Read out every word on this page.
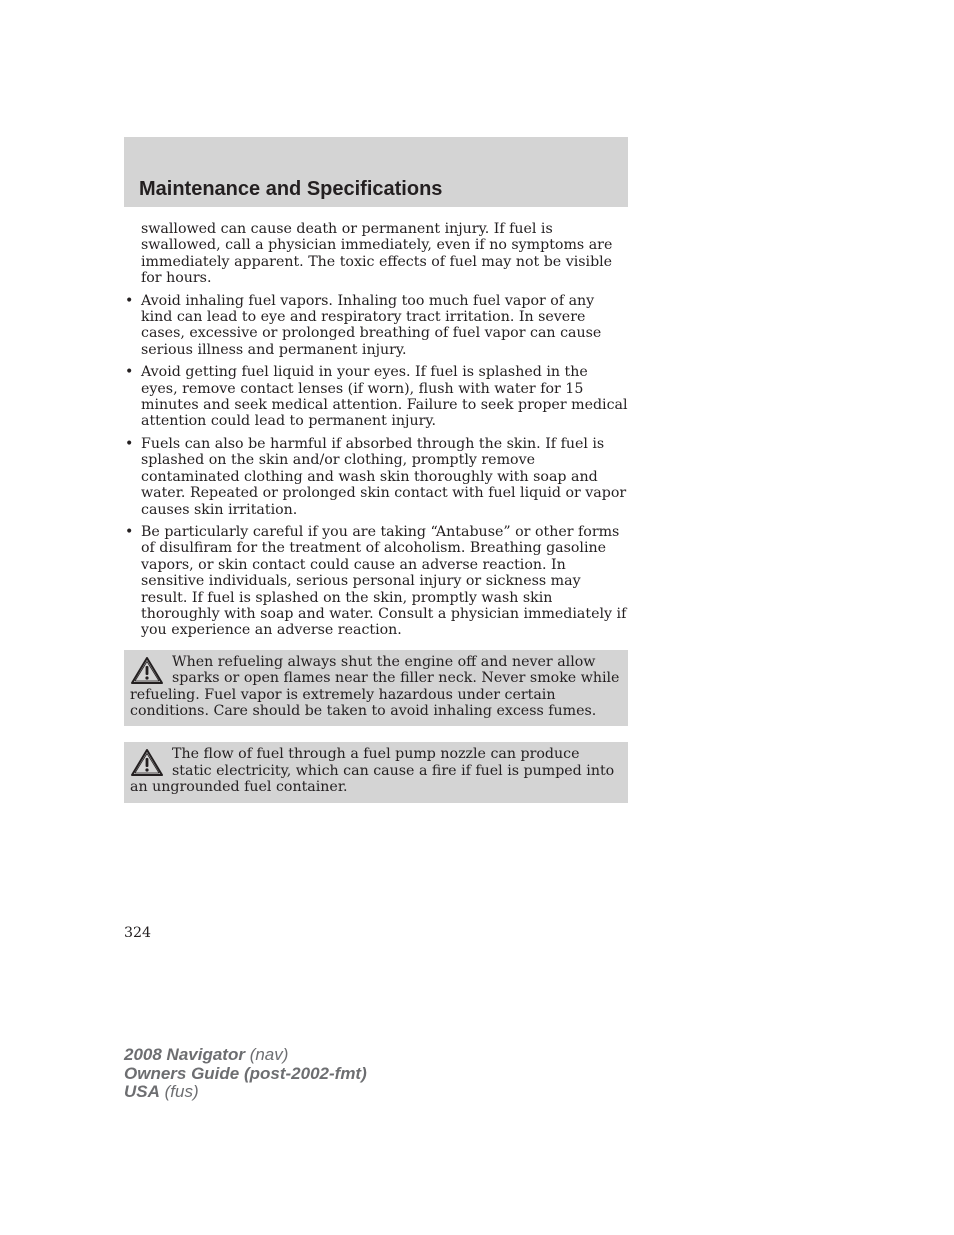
Maintenance and Specifications

swallowed can cause death or permanent injury. If fuel is swallowed, call a physician immediately, even if no symptoms are immediately apparent. The toxic effects of fuel may not be visible for hours.

• Avoid inhaling fuel vapors. Inhaling too much fuel vapor of any kind can lead to eye and respiratory tract irritation. In severe cases, excessive or prolonged breathing of fuel vapor can cause serious illness and permanent injury.
• Avoid getting fuel liquid in your eyes. If fuel is splashed in the eyes, remove contact lenses (if worn), flush with water for 15 minutes and seek medical attention. Failure to seek proper medical attention could lead to permanent injury.
• Fuels can also be harmful if absorbed through the skin. If fuel is splashed on the skin and/or clothing, promptly remove contaminated clothing and wash skin thoroughly with soap and water. Repeated or prolonged skin contact with fuel liquid or vapor causes skin irritation.
• Be particularly careful if you are taking “Antabuse” or other forms of disulfiram for the treatment of alcoholism. Breathing gasoline vapors, or skin contact could cause an adverse reaction. In sensitive individuals, serious personal injury or sickness may result. If fuel is splashed on the skin, promptly wash skin thoroughly with soap and water. Consult a physician immediately if you experience an adverse reaction.

When refueling always shut the engine off and never allow sparks or open flames near the filler neck. Never smoke while refueling. Fuel vapor is extremely hazardous under certain conditions. Care should be taken to avoid inhaling excess fumes.

The flow of fuel through a fuel pump nozzle can produce static electricity, which can cause a fire if fuel is pumped into an ungrounded fuel container.

324
2008 Navigator (nav)
Owners Guide (post-2002-fmt)
USA (fus)
